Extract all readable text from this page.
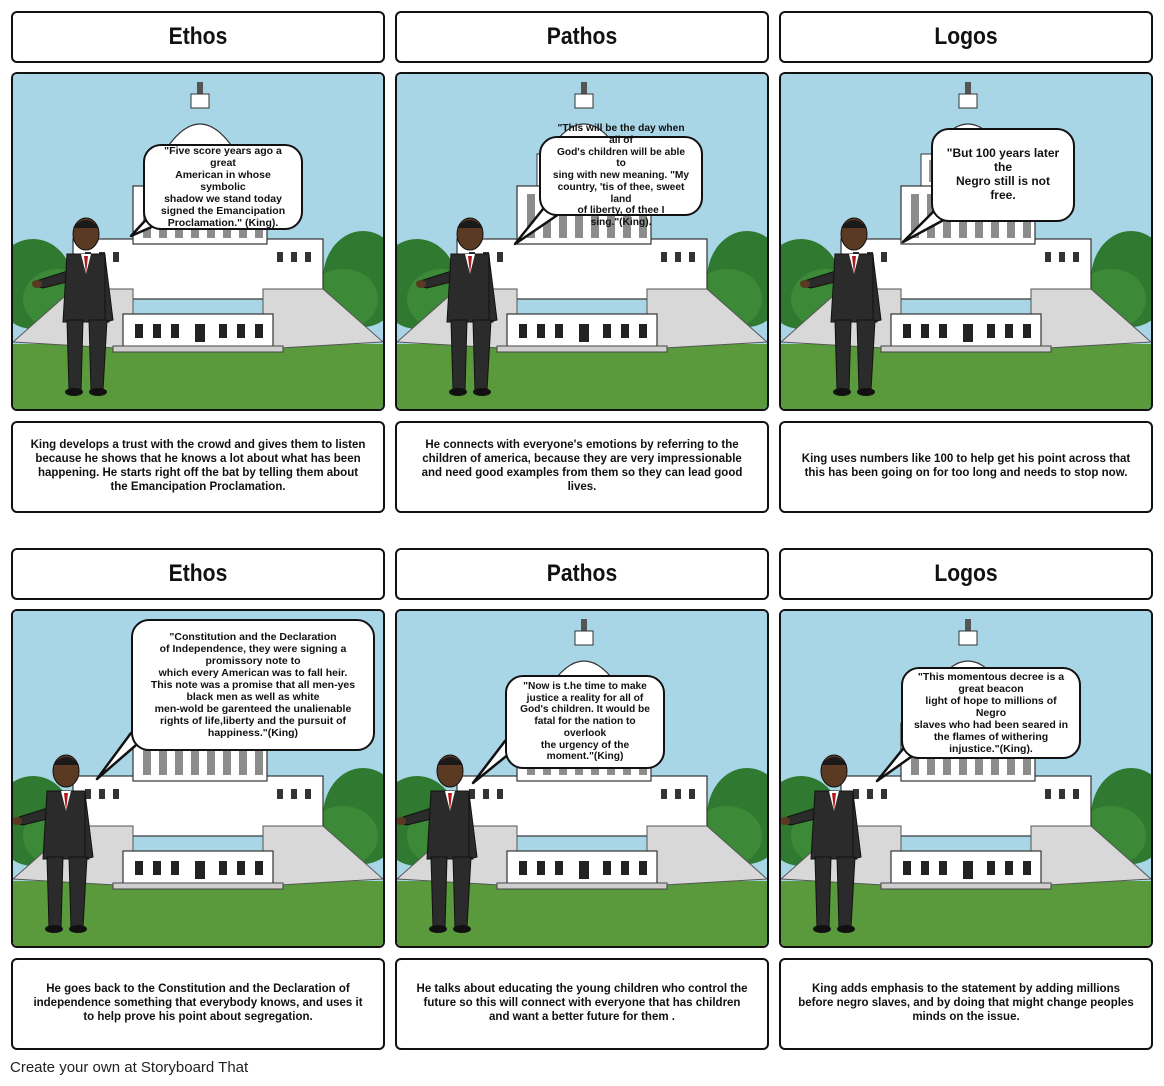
Ethos
"Five score years ago a great
American in whose symbolic
shadow we stand today
signed the Emancipation
Proclamation." (King).
King develops a trust with the crowd and gives them to listen because he shows that he knows a lot about what has been happening. He starts right off the bat by telling them about the Emancipation Proclamation.
Pathos
"This will be the day when all of
God's children will be able to
sing with new meaning. "My
country, 'tis of thee, sweet land
of liberty, of thee I
sing."(King).
He connects with everyone's emotions by referring to the children of america, because they are very impressionable and need good examples from them so they can lead good lives.
Logos
"But 100 years later the
Negro still is not free.
King uses numbers like 100 to help get his point across that this has been going on for too long and needs to stop now.
Ethos
"Constitution and the Declaration
of Independence, they were signing a
promissory note to
which every American was to fall heir.
This note was a promise that all men-yes
black men as well as white
men-wold be garenteed the unalienable
rights of life,liberty and the pursuit of
happiness."(King)
He goes back to the Constitution and the Declaration of independence something that everybody knows, and uses it to help prove his point about segregation.
Pathos
"Now is t.he time to make
justice a reality for all of
God's children. It would be
fatal for the nation to
overlook
the urgency of the
moment."(King)
He talks about educating the young children who control the future so this will connect with everyone that has children and want a better future for them .
Logos
"This momentous decree is a
great beacon
light of hope to millions of Negro
slaves who had been seared in
the flames of withering
injustice."(King).
King adds emphasis to the statement by adding millions before negro slaves, and by doing that might change peoples minds on the issue.
Create your own at Storyboard That
